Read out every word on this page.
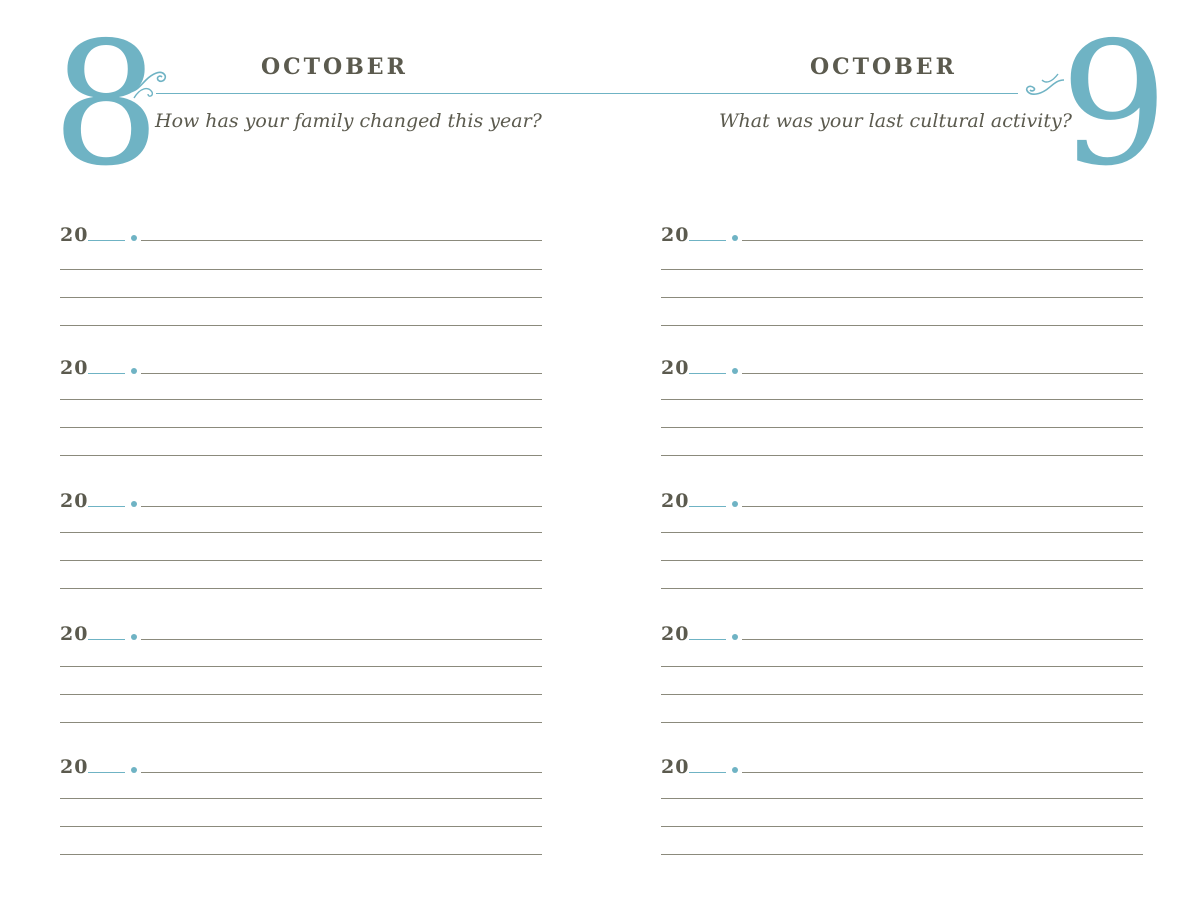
8	OCTOBER
How has your family changed this year?
OCTOBER
What was your last cultural activity?
9
20
20
20
20
20
20
20
20
20
20
